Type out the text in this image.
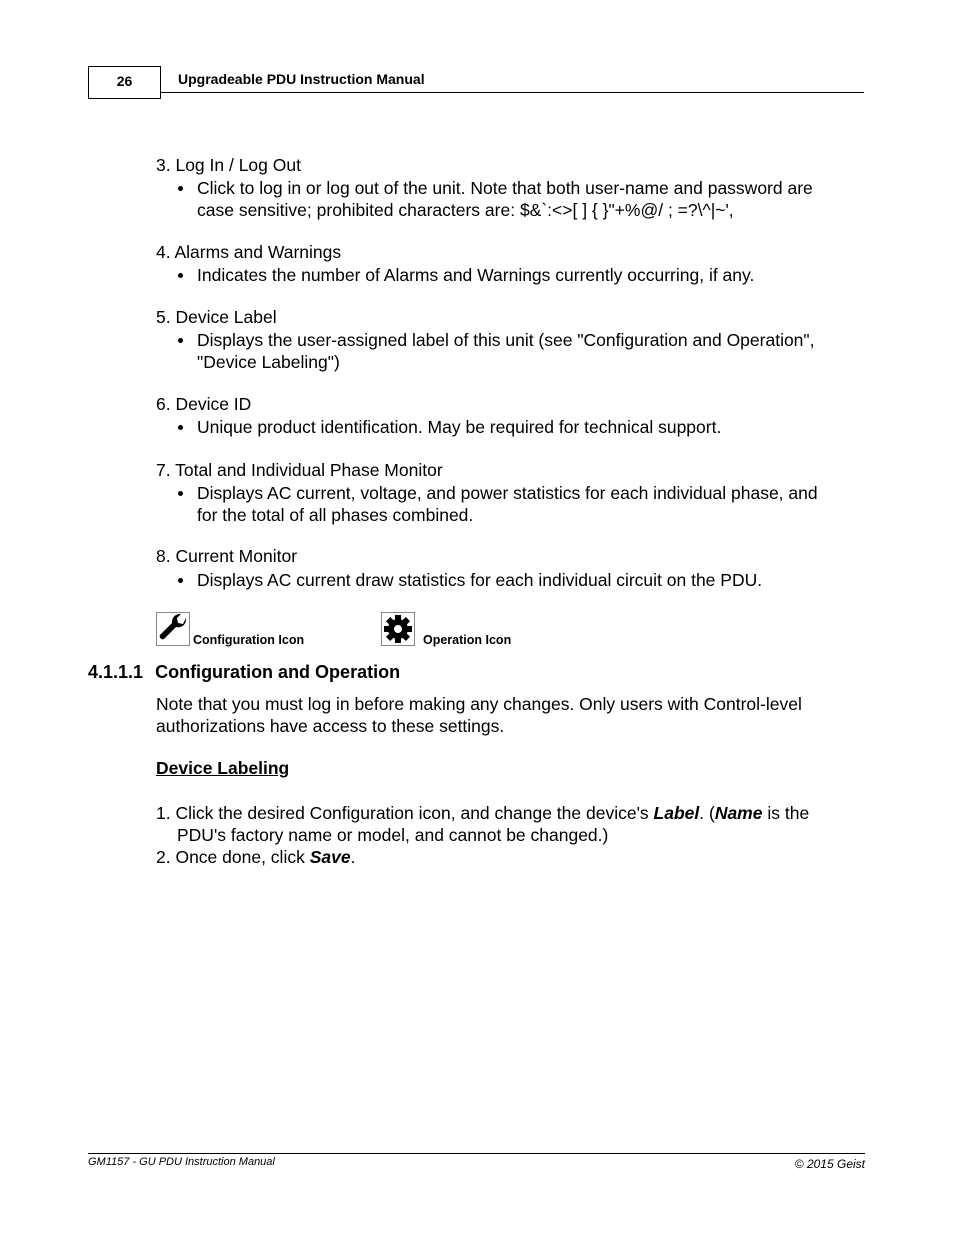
26	Upgradeable PDU Instruction Manual
3. Log In / Log Out
Click to log in or log out of the unit. Note that both user-name and password are
case sensitive; prohibited characters are: $&`:<>[ ] { }"+%@/ ; =?\^|~',
4. Alarms and Warnings
Indicates the number of Alarms and Warnings currently occurring, if any.
5. Device Label
Displays the user-assigned label of this unit (see "Configuration and Operation",
"Device Labeling")
6. Device ID
Unique product identification. May be required for technical support.
7. Total and Individual Phase Monitor
Displays AC current, voltage, and power statistics for each individual phase, and
for the total of all phases combined.
8. Current Monitor
Displays AC current draw statistics for each individual circuit on the PDU.
Configuration Icon	Operation Icon
4.1.1.1 Configuration and Operation
Note that you must log in before making any changes. Only users with Control-level
authorizations have access to these settings.
Device Labeling
1. Click the desired Configuration icon, and change the device's Label. (Name is the
PDU's factory name or model, and cannot be changed.)
2. Once done, click Save.
GM1157 - GU PDU Instruction Manual	© 2015 Geist
